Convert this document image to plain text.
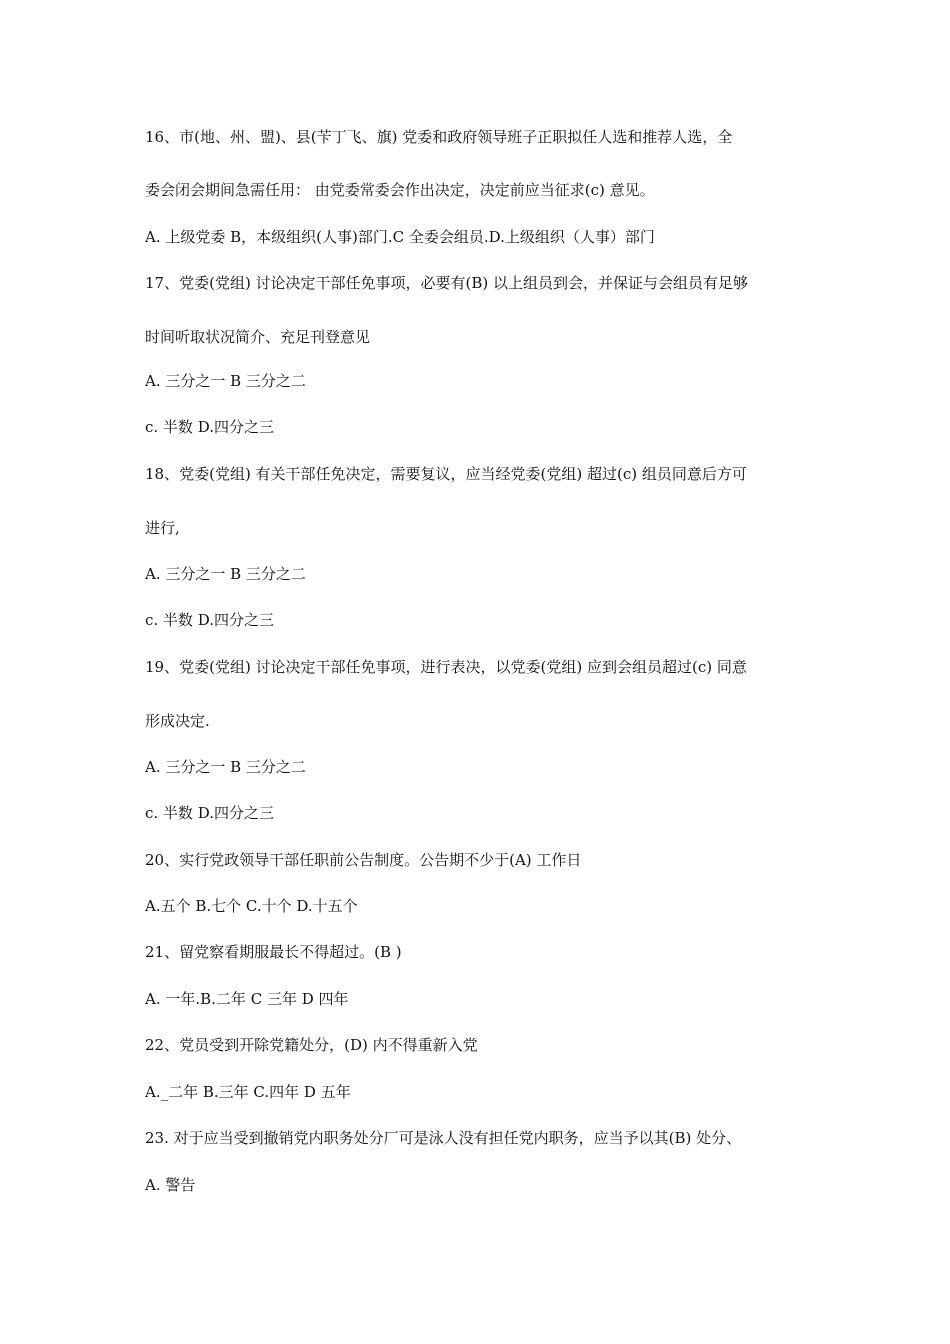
16、市(地、州、盟)、县(苄丁飞、旗) 党委和政府领导班子正职拟任人选和推荐人选，全
委会闭会期间急需任用： 由党委常委会作出决定，决定前应当征求(c) 意见。
A. 上级党委 B，本级组织(人事)部门.C 全委会组员.D.上级组织（人事）部门
17、党委(党组) 讨论决定干部任免事项，必要有(B) 以上组员到会，并保证与会组员有足够
时间听取状况简介、充足刊登意见
A. 三分之一 B 三分之二
c. 半数 D.四分之三
18、党委(党组) 有关干部任免决定，需要复议，应当经党委(党组) 超过(c) 组员同意后方可
进行,
A. 三分之一 B 三分之二
c. 半数 D.四分之三
19、党委(党组) 讨论决定干部任免事项，进行表决，以党委(党组) 应到会组员超过(c) 同意
形成决定.
A. 三分之一 B 三分之二
c. 半数 D.四分之三
20、实行党政领导干部任职前公告制度。公告期不少于(A) 工作日
A.五个 B.七个 C.十个 D.十五个
21、留党察看期服最长不得超过。(B )
A. 一年.B.二年 C 三年 D 四年
22、党员受到开除党籍处分，(D) 内不得重新入党
A._二年 B.三年 C.四年 D 五年
23. 对于应当受到撤销党内职务处分厂可是泳人没有担任党内职务，应当予以其(B) 处分、
A. 警告
